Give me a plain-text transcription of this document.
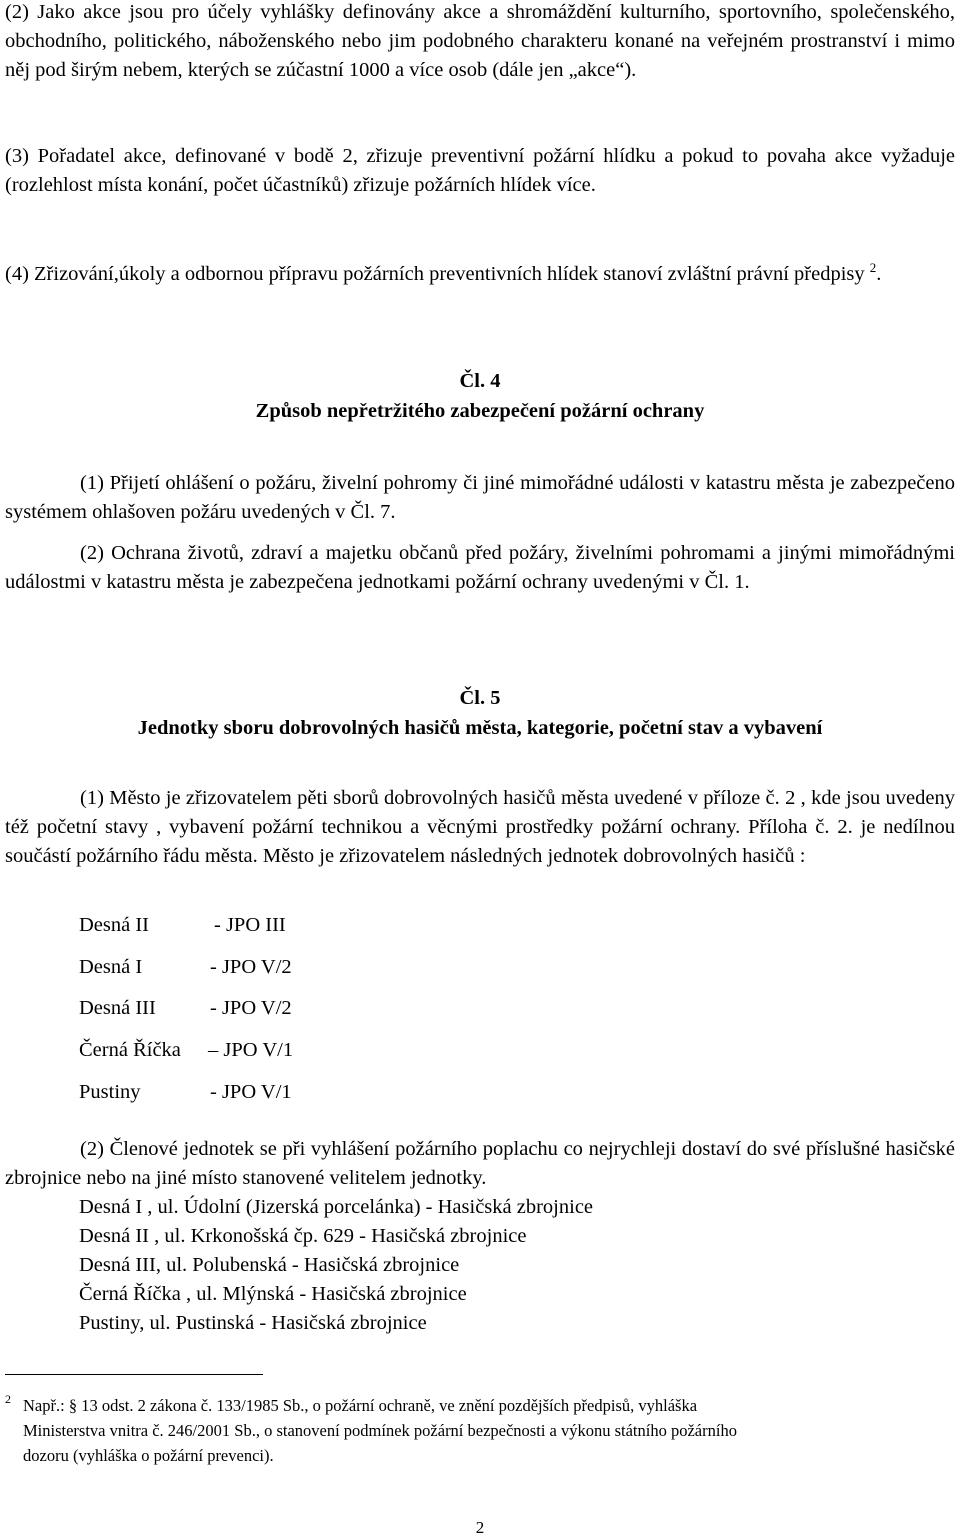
(2) Jako akce jsou pro účely vyhlášky definovány akce a shromáždění kulturního, sportovního, společenského, obchodního, politického, náboženského nebo jim podobného charakteru konané na veřejném prostranství i mimo něj pod širým nebem, kterých se zúčastní 1000 a více osob (dále jen „akce“).

(3) Pořadatel akce, definované v bodě 2, zřizuje preventivní požární hlídku a pokud to povaha akce vyžaduje (rozlehlost místa konání, počet účastníků) zřizuje požárních hlídek více.

(4) Zřizování,úkoly a odbornou přípravu požárních preventivních hlídek stanoví zvláštní právní předpisy $^2$.

Čl. 4
Způsob nepřetržitého zabezpečení požární ochrany

(1) Přijetí ohlášení o požáru, živelní pohromy či jiné mimořádné události v katastru města je zabezpečeno systémem ohlašoven požáru uvedených v Čl. 7.

(2) Ochrana životů, zdraví a majetku občanů před požáry, živelními pohromami a jinými mimořádnými událostmi v katastru města je zabezpečena jednotkami požární ochrany uvedenými v Čl. 1.

Čl. 5
Jednotky sboru dobrovolných hasičů města, kategorie, početní stav a vybavení

(1) Město je zřizovatelem pěti sborů dobrovolných hasičů města uvedené v příloze č. 2 , kde jsou uvedeny též početní stavy , vybavení požární technikou a věcnými prostředky požární ochrany. Příloha č. 2. je nedílnou součástí požárního řádu města. Město je zřizovatelem následných jednotek dobrovolných hasičů :

Desná II	- JPO III
Desná I	- JPO V/2
Desná III	- JPO V/2
Černá Říčka – JPO V/1
Pustiny	- JPO V/1

(2) Členové jednotek se při vyhlášení požárního poplachu co nejrychleji dostaví do své příslušné hasičské zbrojnice nebo na jiné místo stanovené velitelem jednotky.

Desná I , ul. Údolní (Jizerská porcelánka) - Hasičská zbrojnice
Desná II , ul. Krkonošská čp. 629 - Hasičská zbrojnice
Desná III, ul. Polubenská - Hasičská zbrojnice
Černá Říčka , ul. Mlýnská - Hasičská zbrojnice
Pustiny, ul. Pustinská - Hasičská zbrojnice
2 Např.: § 13 odst. 2 zákona č. 133/1985 Sb., o požární ochraně, ve znění pozdějších předpisů, vyhláška
Ministerstva vnitra č. 246/2001 Sb., o stanovení podmínek požární bezpečnosti a výkonu státního požárního
dozoru (vyhláška o požární prevenci).
2
